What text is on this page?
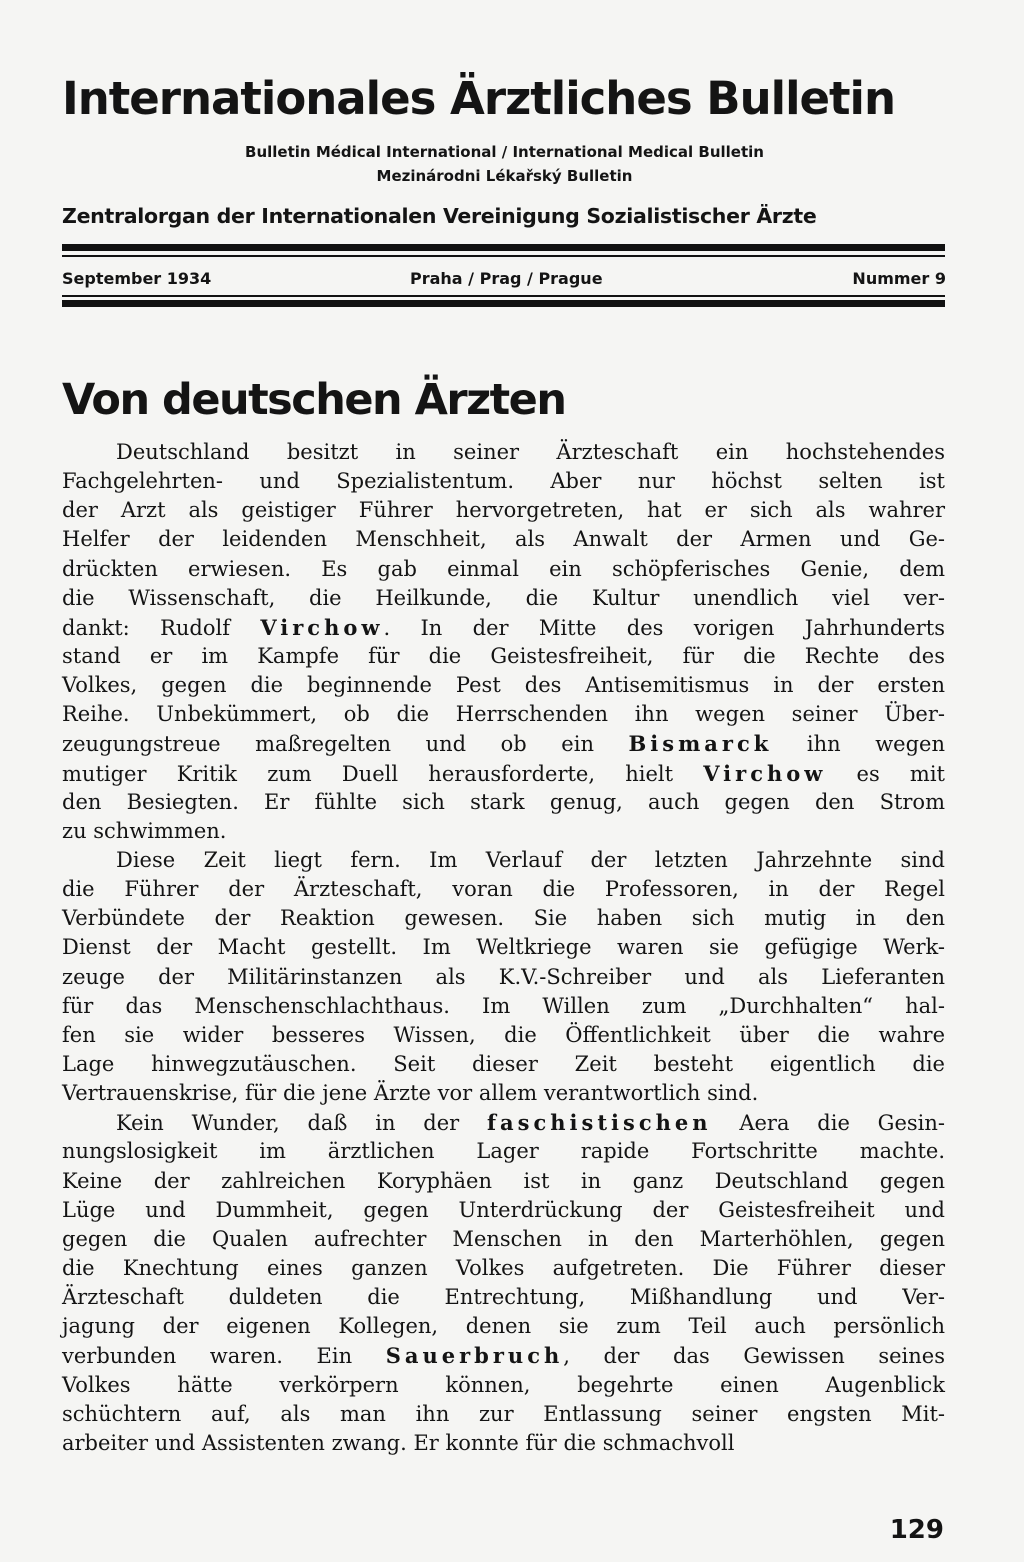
Internationales Ärztliches Bulletin
Bulletin Médical International / International Medical Bulletin
Mezinárodni Lékařský Bulletin
Zentralorgan der Internationalen Vereinigung Sozialistischer Ärzte
September 1934	Praha / Prag / Prague	Nummer 9
Von deutschen Ärzten
Deutschland besitzt in seiner Ärzteschaft ein hochstehendes
Fachgelehrten- und Spezialistentum. Aber nur höchst selten ist
der Arzt als geistiger Führer hervorgetreten, hat er sich als wahrer
Helfer der leidenden Menschheit, als Anwalt der Armen und Ge-
drückten erwiesen. Es gab einmal ein schöpferisches Genie, dem
die Wissenschaft, die Heilkunde, die Kultur unendlich viel ver-
dankt: Rudolf Virchow. In der Mitte des vorigen Jahrhunderts
stand er im Kampfe für die Geistesfreiheit, für die Rechte des
Volkes, gegen die beginnende Pest des Antisemitismus in der ersten
Reihe. Unbekümmert, ob die Herrschenden ihn wegen seiner Über-
zeugungstreue maßregelten und ob ein Bismarck ihn wegen
mutiger Kritik zum Duell herausforderte, hielt Virchow es mit
den Besiegten. Er fühlte sich stark genug, auch gegen den Strom
zu schwimmen.
Diese Zeit liegt fern. Im Verlauf der letzten Jahrzehnte sind
die Führer der Ärzteschaft, voran die Professoren, in der Regel
Verbündete der Reaktion gewesen. Sie haben sich mutig in den
Dienst der Macht gestellt. Im Weltkriege waren sie gefügige Werk-
zeuge der Militärinstanzen als K.V.-Schreiber und als Lieferanten
für das Menschenschlachthaus. Im Willen zum „Durchhalten“ hal-
fen sie wider besseres Wissen, die Öffentlichkeit über die wahre
Lage hinwegzutäuschen. Seit dieser Zeit besteht eigentlich die
Vertrauenskrise, für die jene Ärzte vor allem verantwortlich sind.
Kein Wunder, daß in der faschistischen Aera die Gesin-
nungslosigkeit im ärztlichen Lager rapide Fortschritte machte.
Keine der zahlreichen Koryphäen ist in ganz Deutschland gegen
Lüge und Dummheit, gegen Unterdrückung der Geistesfreiheit und
gegen die Qualen aufrechter Menschen in den Marterhöhlen, gegen
die Knechtung eines ganzen Volkes aufgetreten. Die Führer dieser
Ärzteschaft duldeten die Entrechtung, Mißhandlung und Ver-
jagung der eigenen Kollegen, denen sie zum Teil auch persönlich
verbunden waren. Ein Sauerbruch, der das Gewissen seines
Volkes hätte verkörpern können, begehrte einen Augenblick
schüchtern auf, als man ihn zur Entlassung seiner engsten Mit-
arbeiter und Assistenten zwang. Er konnte für die schmachvoll
129
